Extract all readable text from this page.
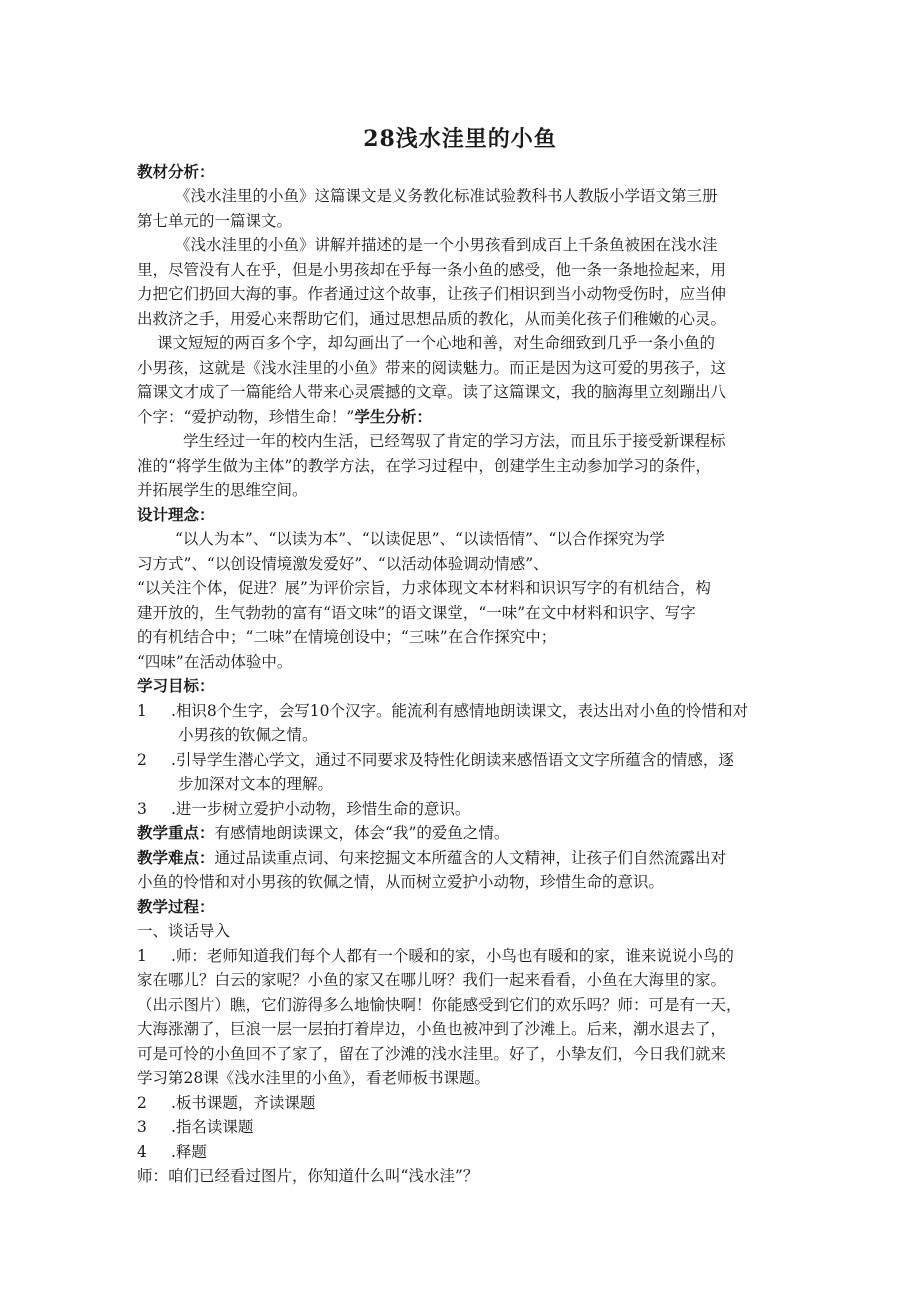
28浅水洼里的小鱼
教材分析：
《浅水洼里的小鱼》这篇课文是义务教化标准试验教科书人教版小学语文第三册
第七单元的一篇课文。
《浅水洼里的小鱼》讲解并描述的是一个小男孩看到成百上千条鱼被困在浅水洼
里，尽管没有人在乎，但是小男孩却在乎每一条小鱼的感受，他一条一条地捡起来，用
力把它们扔回大海的事。作者通过这个故事，让孩子们相识到当小动物受伤时，应当伸
出救济之手，用爱心来帮助它们，通过思想品质的教化，从而美化孩子们稚嫩的心灵。
课文短短的两百多个字，却勾画出了一个心地和善，对生命细致到几乎一条小鱼的
小男孩，这就是《浅水洼里的小鱼》带来的阅读魅力。而正是因为这可爱的男孩子，这
篇课文才成了一篇能给人带来心灵震撼的文章。读了这篇课文，我的脑海里立刻蹦出八
个字：“爱护动物，珍惜生命！”学生分析：
学生经过一年的校内生活，已经驾驭了肯定的学习方法，而且乐于接受新课程标
准的“将学生做为主体”的教学方法，在学习过程中，创建学生主动参加学习的条件，
并拓展学生的思维空间。
设计理念：
“以人为本”、“以读为本”、“以读促思”、“以读悟情”、“以合作探究为学
习方式”、“以创设情境激发爱好”、“以活动体验调动情感”、
“以关注个体，促进？展”为评价宗旨，力求体现文本材料和识识写字的有机结合，构
建开放的，生气勃勃的富有“语文味”的语文课堂，“一味”在文中材料和识字、写字
的有机结合中；“二味”在情境创设中；“三味”在合作探究中；
“四味”在活动体验中。
学习目标：
1 .相识8个生字，会写10个汉字。能流利有感情地朗读课文，表达出对小鱼的怜惜和对
小男孩的钦佩之情。
2 .引导学生潜心学文，通过不同要求及特性化朗读来感悟语文文字所蕴含的情感，逐
步加深对文本的理解。
3 .进一步树立爱护小动物，珍惜生命的意识。
教学重点：有感情地朗读课文，体会“我”的爱鱼之情。
教学难点：通过品读重点词、句来挖掘文本所蕴含的人文精神，让孩子们自然流露出对
小鱼的怜惜和对小男孩的钦佩之情，从而树立爱护小动物，珍惜生命的意识。
教学过程：
一、谈话导入
1 .师：老师知道我们每个人都有一个暖和的家，小鸟也有暖和的家，谁来说说小鸟的
家在哪儿？白云的家呢？小鱼的家又在哪儿呀？我们一起来看看，小鱼在大海里的家。
（出示图片）瞧，它们游得多么地愉快啊！你能感受到它们的欢乐吗？师：可是有一天，
大海涨潮了，巨浪一层一层拍打着岸边，小鱼也被冲到了沙滩上。后来，潮水退去了，
可是可怜的小鱼回不了家了，留在了沙滩的浅水洼里。好了，小挚友们，今日我们就来
学习第28课《浅水洼里的小鱼》，看老师板书课题。
2 .板书课题，齐读课题
3 .指名读课题
4 .释题
师：咱们已经看过图片，你知道什么叫“浅水洼”？
